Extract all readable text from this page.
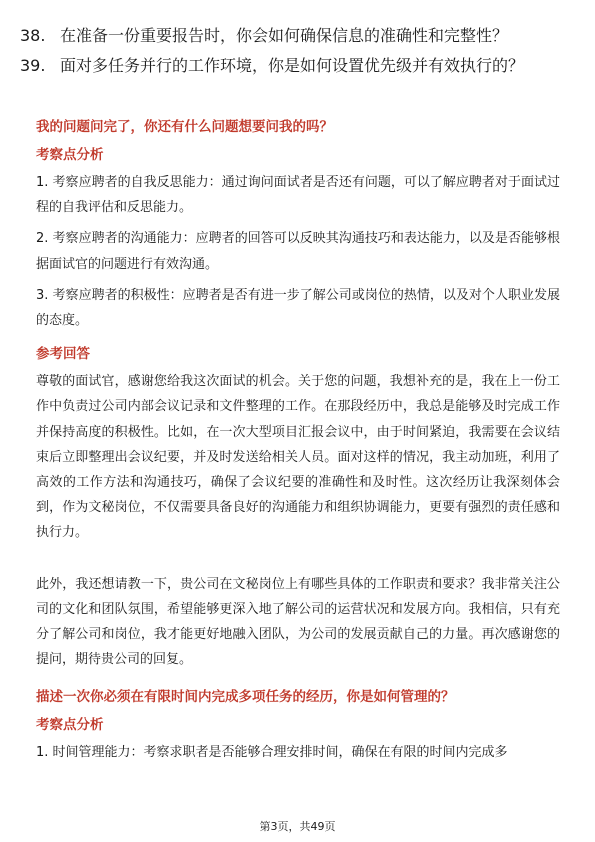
38. 在准备一份重要报告时，你会如何确保信息的准确性和完整性？
39. 面对多任务并行的工作环境，你是如何设置优先级并有效执行的？
我的问题问完了，你还有什么问题想要问我的吗？
考察点分析
1. 考察应聘者的自我反思能力：通过询问面试者是否还有问题，可以了解应聘者对于面试过程的自我评估和反思能力。
2. 考察应聘者的沟通能力：应聘者的回答可以反映其沟通技巧和表达能力，以及是否能够根据面试官的问题进行有效沟通。
3. 考察应聘者的积极性：应聘者是否有进一步了解公司或岗位的热情，以及对个人职业发展的态度。
参考回答
尊敬的面试官，感谢您给我这次面试的机会。关于您的问题，我想补充的是，我在上一份工作中负责过公司内部会议记录和文件整理的工作。在那段经历中，我总是能够及时完成工作并保持高度的积极性。比如，在一次大型项目汇报会议中，由于时间紧迫，我需要在会议结束后立即整理出会议纪要，并及时发送给相关人员。面对这样的情况，我主动加班，利用了高效的工作方法和沟通技巧，确保了会议纪要的准确性和及时性。这次经历让我深刻体会到，作为文秘岗位，不仅需要具备良好的沟通能力和组织协调能力，更要有强烈的责任感和执行力。
此外，我还想请教一下，贵公司在文秘岗位上有哪些具体的工作职责和要求？我非常关注公司的文化和团队氛围，希望能够更深入地了解公司的运营状况和发展方向。我相信，只有充分了解公司和岗位，我才能更好地融入团队，为公司的发展贡献自己的力量。再次感谢您的提问，期待贵公司的回复。
描述一次你必须在有限时间内完成多项任务的经历，你是如何管理的？
考察点分析
1. 时间管理能力：考察求职者是否能够合理安排时间，确保在有限的时间内完成多
第3页，共49页
